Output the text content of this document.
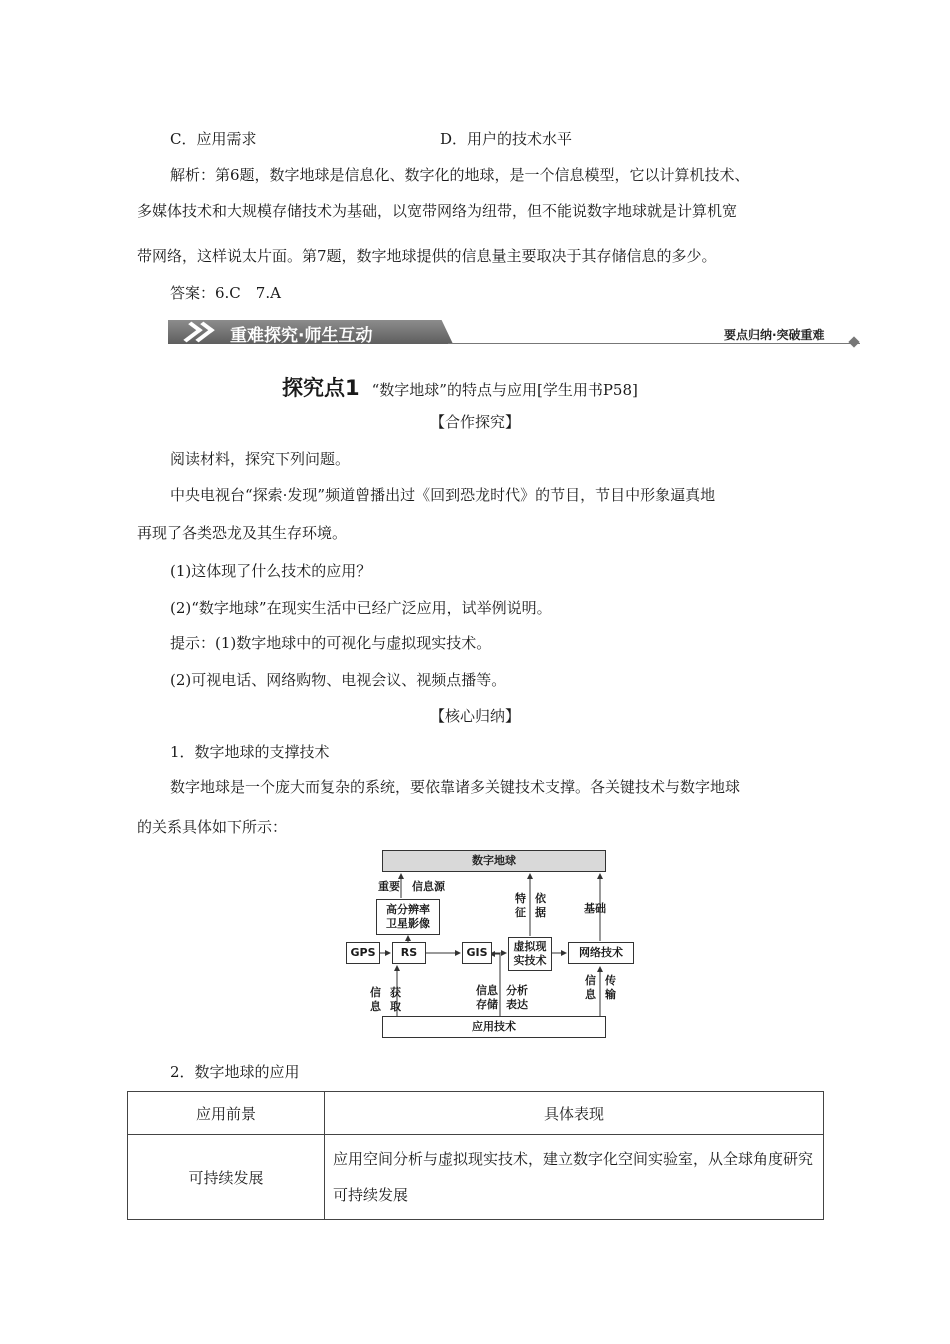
C．应用需求	D．用户的技术水平
解析：第6题，数字地球是信息化、数字化的地球，是一个信息模型，它以计算机技术、
多媒体技术和大规模存储技术为基础，以宽带网络为纽带，但不能说数字地球就是计算机宽
带网络，这样说太片面。第7题，数字地球提供的信息量主要取决于其存储信息的多少。
答案：6.C　7.A
重难探究·师生互动	要点归纳·突破重难
探究点1 “数字地球”的特点与应用[学生用书P58]
【合作探究】
阅读材料，探究下列问题。
中央电视台“探索·发现”频道曾播出过《回到恐龙时代》的节目，节目中形象逼真地
再现了各类恐龙及其生存环境。
(1)这体现了什么技术的应用？
(2)“数字地球”在现实生活中已经广泛应用，试举例说明。
提示：(1)数字地球中的可视化与虚拟现实技术。
(2)可视电话、网络购物、电视会议、视频点播等。
【核心归纳】
1．数字地球的支撑技术
数字地球是一个庞大而复杂的系统，要依靠诸多关键技术支撑。各关键技术与数字地球
的关系具体如下所示：
数字地球
高分辨率卫星影像
GPS	RS	GIS	虚拟现实技术
网络技术
应用技术
重要 信息源
特征
依据	基础
信息
获取
信息存储
分析表达
信息
传输
2．数字地球的应用
应用前景	具体表现
可持续发展	应用空间分析与虚拟现实技术，建立数字化空间实验室，从全球角度研究可持续发展
